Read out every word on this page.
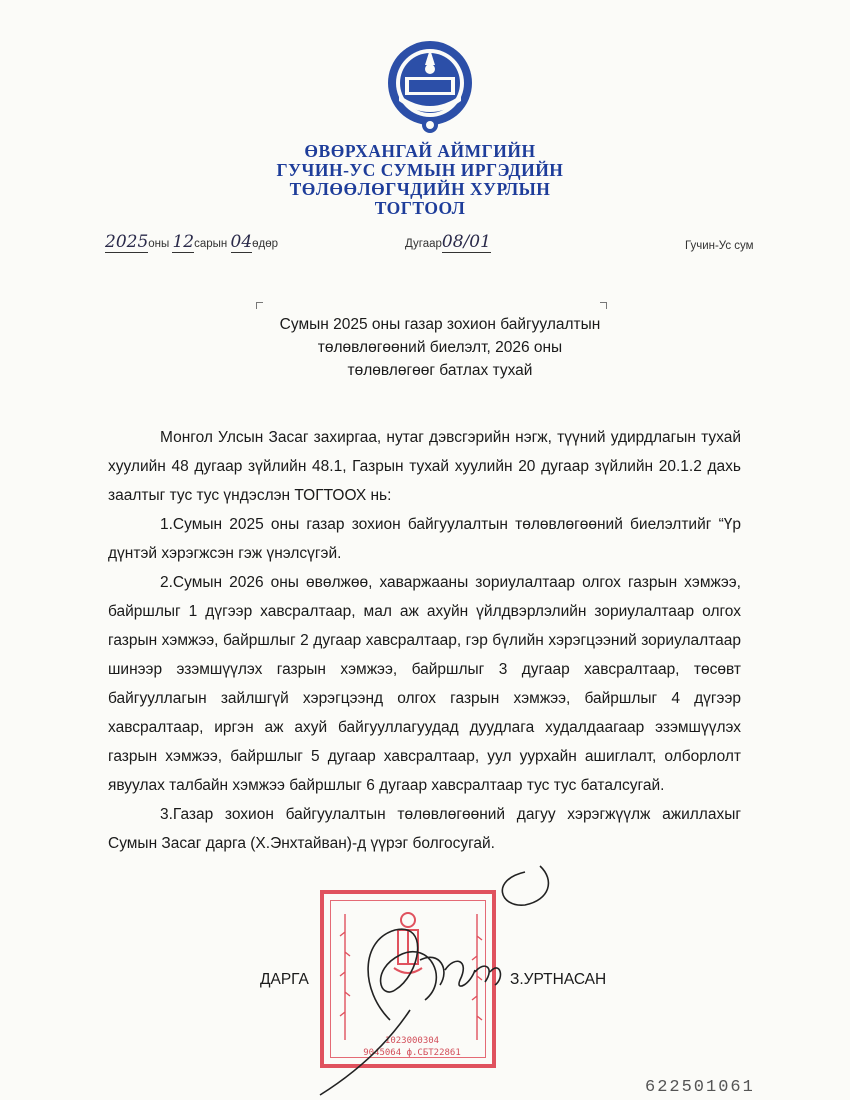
ӨВӨРХАНГАЙ АЙМГИЙН
ГУЧИН-УС СУМЫН ИРГЭДИЙН
ТӨЛӨӨЛӨГЧДИЙН ХУРЛЫН
ТОГТООЛ
2025оны 12сарын 04өдөр	Дугаар08/01	Гучин-Ус сум
Сумын 2025 оны газар зохион байгуулалтын
төлөвлөгөөний биелэлт, 2026 оны
төлөвлөгөөг батлах тухай

Монгол Улсын Засаг захиргаа, нутаг дэвсгэрийн нэгж, түүний удирдлагын тухай хуулийн 48 дугаар зүйлийн 48.1, Газрын тухай хуулийн 20 дугаар зүйлийн 20.1.2 дахь заалтыг тус тус үндэслэн ТОГТООХ нь:

1.Сумын 2025 оны газар зохион байгуулалтын төлөвлөгөөний биелэлтийг “Үр дүнтэй хэрэгжсэн гэж үнэлсүгэй.

2.Сумын 2026 оны өвөлжөө, хаваржааны зориулалтаар олгох газрын хэмжээ, байршлыг 1 дүгээр хавсралтаар, мал аж ахуйн үйлдвэрлэлийн зориулалтаар олгох газрын хэмжээ, байршлыг 2 дугаар хавсралтаар, гэр бүлийн хэрэгцээний зориулалтаар шинээр эзэмшүүлэх газрын хэмжээ, байршлыг 3 дугаар хавсралтаар, төсөвт байгууллагын зайлшгүй хэрэгцээнд олгох газрын хэмжээ, байршлыг 4 дүгээр хавсралтаар, иргэн аж ахуй байгууллагуудад дуудлага худалдаагаар эзэмшүүлэх газрын хэмжээ, байршлыг 5 дугаар хавсралтаар, уул уурхайн ашиглалт, олборлолт явуулах талбайн хэмжээ байршлыг 6 дугаар хавсралтаар тус тус баталсугай.

3.Газар зохион байгуулалтын төлөвлөгөөний дагуу хэрэгжүүлж ажиллахыг Сумын Засаг дарга (Х.Энхтайван)-д үүрэг болгосугай.

1023000304
9045064 ф.СБТ22861
ДАРГА	З.УРТНАСАН
622501061
